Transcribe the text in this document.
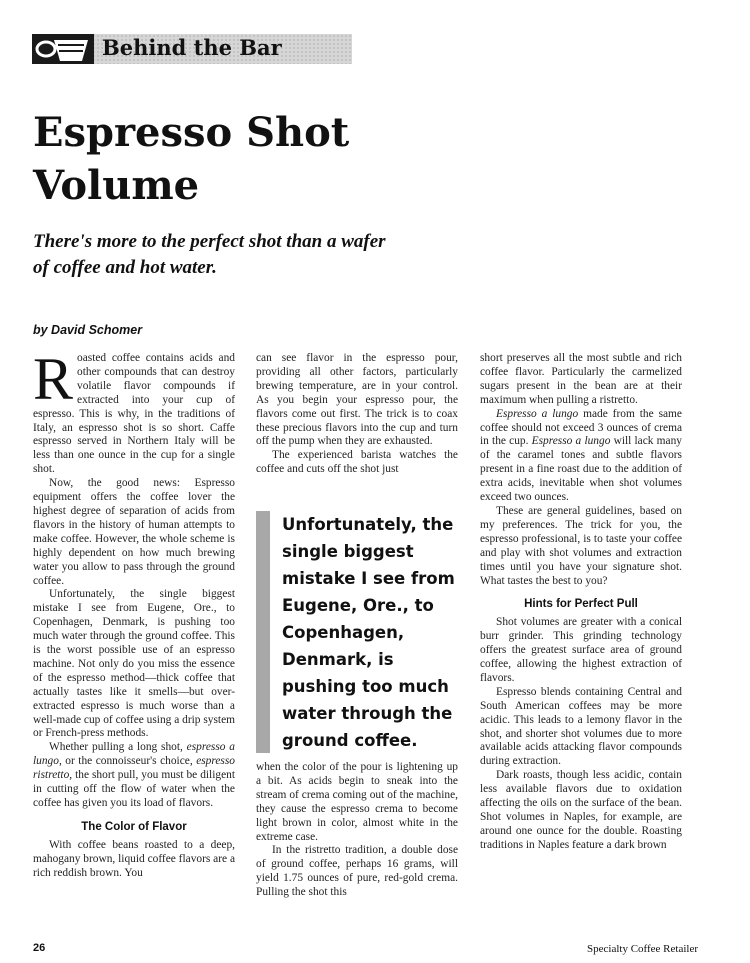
Behind the Bar
Espresso Shot Volume

There's more to the perfect shot than a wafer of coffee and hot water.

by David Schomer

Roasted coffee contains acids and other compounds that can destroy volatile flavor compounds if extracted into your cup of espresso. This is why, in the traditions of Italy, an espresso shot is so short. Caffe espresso served in Northern Italy will be less than one ounce in the cup for a single shot.

Now, the good news: Espresso equipment offers the coffee lover the highest degree of separation of acids from flavors in the history of human attempts to make coffee. However, the whole scheme is highly dependent on how much brewing water you allow to pass through the ground coffee.

Unfortunately, the single biggest mistake I see from Eugene, Ore., to Copenhagen, Denmark, is pushing too much water through the ground coffee. This is the worst possible use of an espresso machine. Not only do you miss the essence of the espresso method—thick coffee that actually tastes like it smells—but over-extracted espresso is much worse than a well-made cup of coffee using a drip system or French-press methods.

Whether pulling a long shot, espresso a lungo, or the connoisseur's choice, espresso ristretto, the short pull, you must be diligent in cutting off the flow of water when the coffee has given you its load of flavors.

The Color of Flavor

With coffee beans roasted to a deep, mahogany brown, liquid coffee flavors are a rich reddish brown. You

can see flavor in the espresso pour, providing all other factors, particularly brewing temperature, are in your control. As you begin your espresso pour, the flavors come out first. The trick is to coax these precious flavors into the cup and turn off the pump when they are exhausted.

The experienced barista watches the coffee and cuts off the shot just

Unfortunately, the single biggest mistake I see from Eugene, Ore., to Copenhagen, Denmark, is pushing too much water through the ground coffee.

when the color of the pour is lightening up a bit. As acids begin to sneak into the stream of crema coming out of the machine, they cause the espresso crema to become light brown in color, almost white in the extreme case.

In the ristretto tradition, a double dose of ground coffee, perhaps 16 grams, will yield 1.75 ounces of pure, red-gold crema. Pulling the shot this

short preserves all the most subtle and rich coffee flavor. Particularly the carmelized sugars present in the bean are at their maximum when pulling a ristretto.

Espresso a lungo made from the same coffee should not exceed 3 ounces of crema in the cup. Espresso a lungo will lack many of the caramel tones and subtle flavors present in a fine roast due to the addition of extra acids, inevitable when shot volumes exceed two ounces.

These are general guidelines, based on my preferences. The trick for you, the espresso professional, is to taste your coffee and play with shot volumes and extraction times until you have your signature shot. What tastes the best to you?

Hints for Perfect Pull

Shot volumes are greater with a conical burr grinder. This grinding technology offers the greatest surface area of ground coffee, allowing the highest extraction of flavors.

Espresso blends containing Central and South American coffees may be more acidic. This leads to a lemony flavor in the shot, and shorter shot volumes due to more available acids attacking flavor compounds during extraction.

Dark roasts, though less acidic, contain less available flavors due to oxidation affecting the oils on the surface of the bean. Shot volumes in Naples, for example, are around one ounce for the double. Roasting traditions in Naples feature a dark brown

26	Specialty Coffee Retailer
